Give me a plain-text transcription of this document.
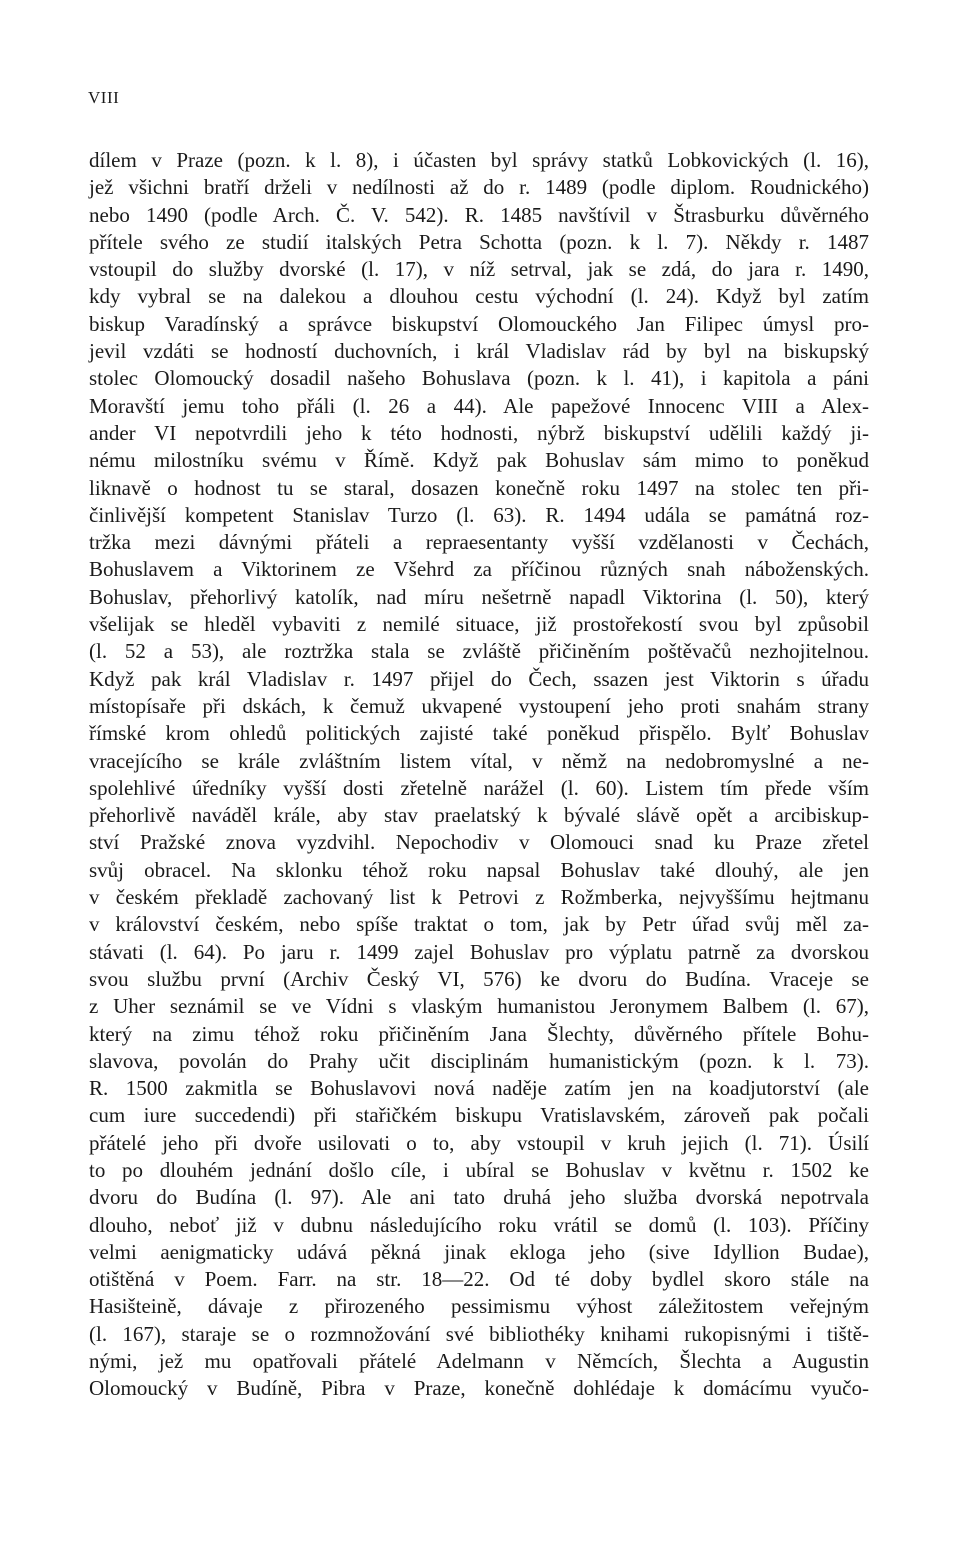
VIII
dílem v Praze (pozn. k l. 8), i účasten byl správy statků Lobkovických (l. 16),
jež všichni bratří drželi v nedílnosti až do r. 1489 (podle diplom. Roudnického)
nebo 1490 (podle Arch. Č. V. 542). R. 1485 navštívil v Štrasburku důvěrného
přítele svého ze studií italských Petra Schotta (pozn. k l. 7). Někdy r. 1487
vstoupil do služby dvorské (l. 17), v níž setrval, jak se zdá, do jara r. 1490,
kdy vybral se na dalekou a dlouhou cestu východní (l. 24). Když byl zatím
biskup Varadínský a správce biskupství Olomouckého Jan Filipec úmysl pro-
jevil vzdáti se hodností duchovních, i král Vladislav rád by byl na biskupský
stolec Olomoucký dosadil našeho Bohuslava (pozn. k l. 41), i kapitola a páni
Moravští jemu toho přáli (l. 26 a 44). Ale papežové Innocenc VIII a Alex-
ander VI nepotvrdili jeho k této hodnosti, nýbrž biskupství udělili každý ji-
nému milostníku svému v Římě. Když pak Bohuslav sám mimo to poněkud
liknavě o hodnost tu se staral, dosazen konečně roku 1497 na stolec ten při-
činlivější kompetent Stanislav Turzo (l. 63). R. 1494 udála se památná roz-
tržka mezi dávnými přáteli a repraesentanty vyšší vzdělanosti v Čechách,
Bohuslavem a Viktorinem ze Všehrd za příčinou různých snah náboženských.
Bohuslav, přehorlivý katolík, nad míru nešetrně napadl Viktorina (l. 50), který
všelijak se hleděl vybaviti z nemilé situace, již prostořekostí svou byl způsobil
(l. 52 a 53), ale roztržka stala se zvláště přičiněním poštěvačů nezhojitelnou.
Když pak král Vladislav r. 1497 přijel do Čech, ssazen jest Viktorin s úřadu
místopísaře při dskách, k čemuž ukvapené vystoupení jeho proti snahám strany
římské krom ohledů politických zajisté také poněkud přispělo. Bylť Bohuslav
vracejícího se krále zvláštním listem vítal, v němž na nedobromyslné a ne-
spolehlivé úředníky vyšší dosti zřetelně narážel (l. 60). Listem tím přede vším
přehorlivě naváděl krále, aby stav praelatský k bývalé slávě opět a arcibiskup-
ství Pražské znova vyzdvihl. Nepochodiv v Olomouci snad ku Praze zřetel
svůj obracel. Na sklonku téhož roku napsal Bohuslav také dlouhý, ale jen
v českém překladě zachovaný list k Petrovi z Rožmberka, nejvyššímu hejtmanu
v království českém, nebo spíše traktat o tom, jak by Petr úřad svůj měl za-
stávati (l. 64). Po jaru r. 1499 zajel Bohuslav pro výplatu patrně za dvorskou
svou službu první (Archiv Český VI, 576) ke dvoru do Budína. Vraceje se
z Uher seznámil se ve Vídni s vlaským humanistou Jeronymem Balbem (l. 67),
který na zimu téhož roku přičiněním Jana Šlechty, důvěrného přítele Bohu-
slavova, povolán do Prahy učit disciplinám humanistickým (pozn. k l. 73).
R. 1500 zakmitla se Bohuslavovi nová naděje zatím jen na koadjutorství (ale
cum iure succedendi) při stařičkém biskupu Vratislavském, zároveň pak počali
přátelé jeho při dvoře usilovati o to, aby vstoupil v kruh jejich (l. 71). Úsilí
to po dlouhém jednání došlo cíle, i ubíral se Bohuslav v květnu r. 1502 ke
dvoru do Budína (l. 97). Ale ani tato druhá jeho služba dvorská nepotrvala
dlouho, neboť již v dubnu následujícího roku vrátil se domů (l. 103). Příčiny
velmi aenigmaticky udává pěkná jinak ekloga jeho (sive Idyllion Budae),
otištěná v Poem. Farr. na str. 18—22. Od té doby bydlel skoro stále na
Hasišteině, dávaje z přirozeného pessimismu výhost záležitostem veřejným
(l. 167), staraje se o rozmnožování své bibliothéky knihami rukopisnými i tiště-
nými, jež mu opatřovali přátelé Adelmann v Němcích, Šlechta a Augustin
Olomoucký v Budíně, Pibra v Praze, konečně dohlédaje k domácímu vyučo-
